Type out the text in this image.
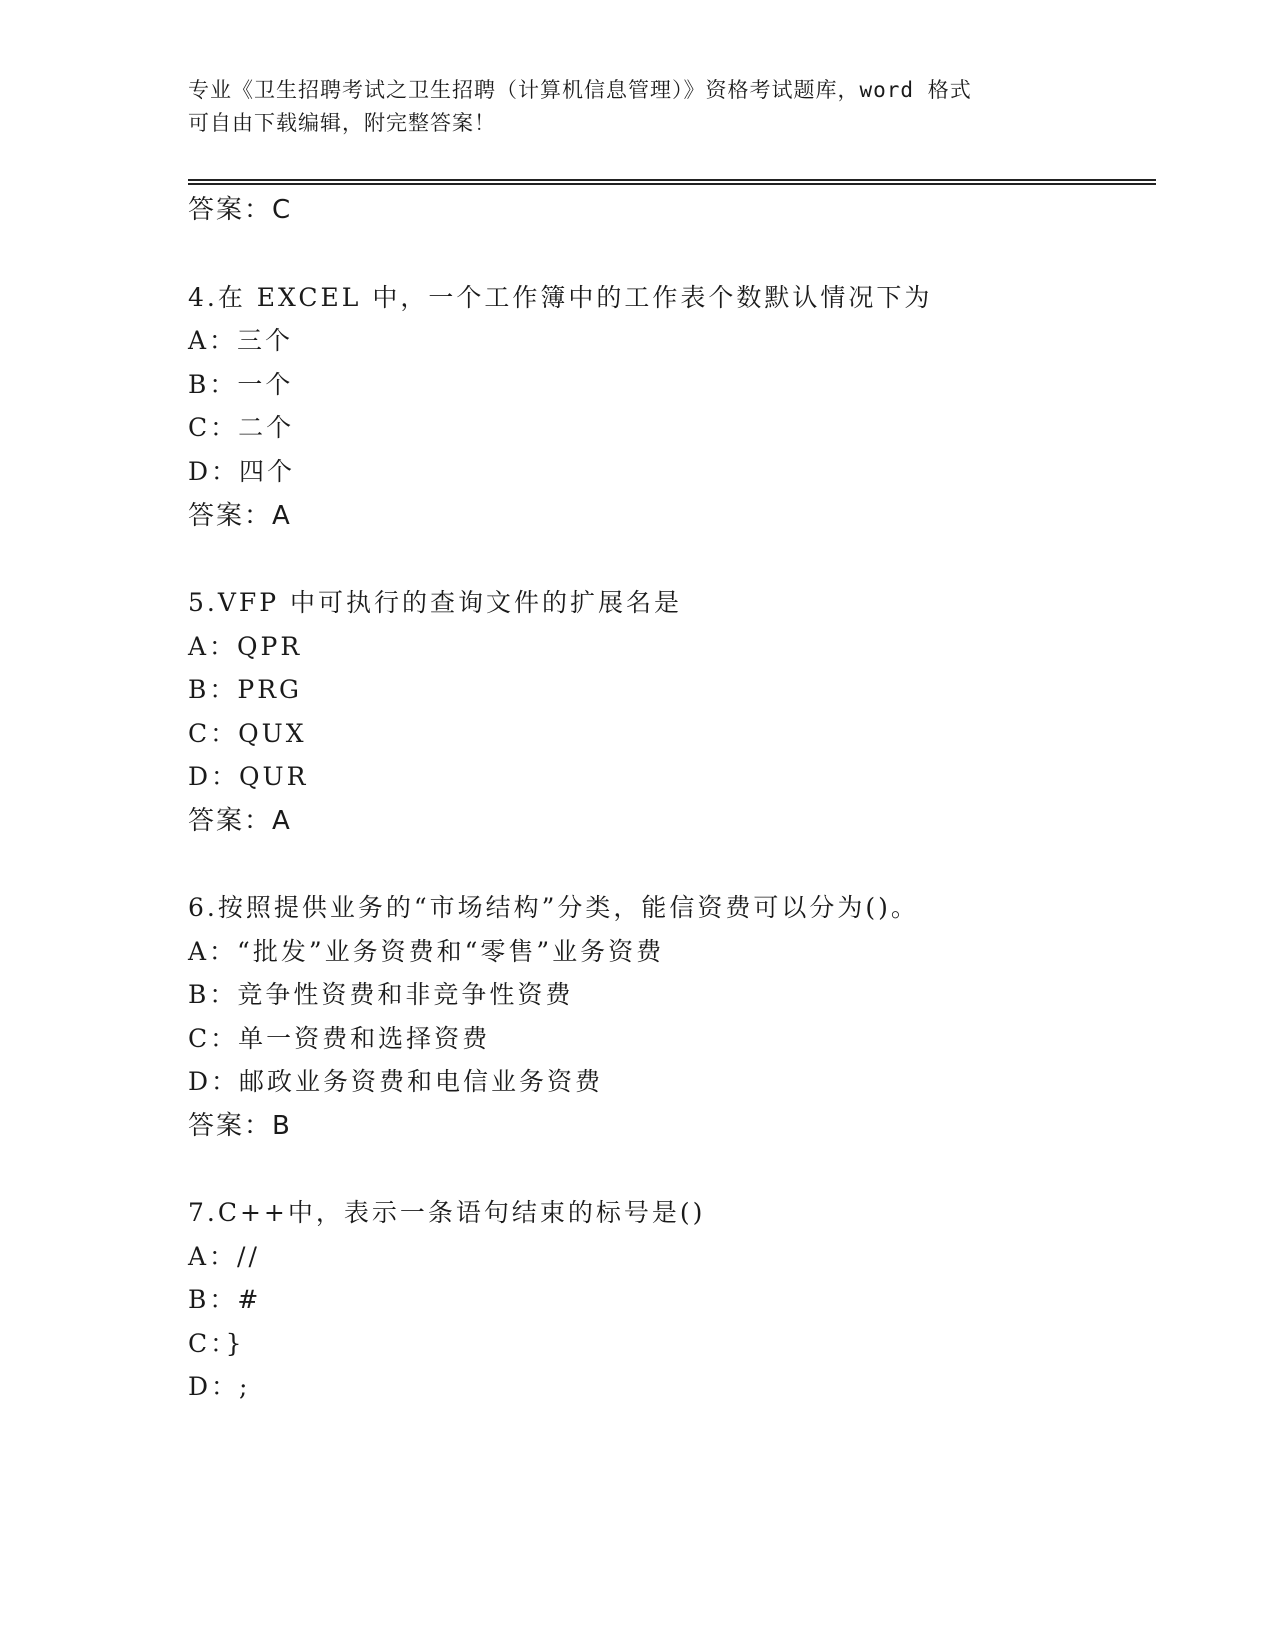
专业《卫生招聘考试之卫生招聘（计算机信息管理）》资格考试题库，word 格式
可自由下载编辑，附完整答案！
答案：C
4.在 EXCEL 中，一个工作簿中的工作表个数默认情况下为
A：三个
B：一个
C：二个
D：四个
答案：A
5.VFP 中可执行的查询文件的扩展名是
A：QPR
B：PRG
C：QUX
D：QUR
答案：A
6.按照提供业务的“市场结构”分类，能信资费可以分为()。
A：“批发”业务资费和“零售”业务资费
B：竞争性资费和非竞争性资费
C：单一资费和选择资费
D：邮政业务资费和电信业务资费
答案：B
7.C++中，表示一条语句结束的标号是()
A：//
B：#
C：}
D：;
